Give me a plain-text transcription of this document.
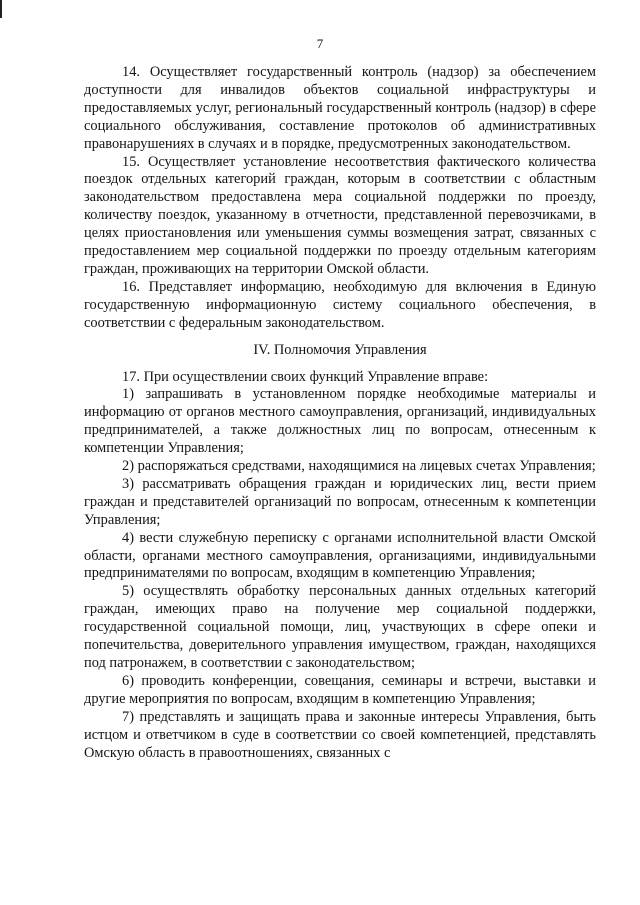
7

14. Осуществляет государственный контроль (надзор) за обеспечением доступности для инвалидов объектов социальной инфраструктуры и предоставляемых услуг, региональный государственный контроль (надзор) в сфере социального обслуживания, составление протоколов об административных правонарушениях в случаях и в порядке, предусмотренных законодательством.

15. Осуществляет установление несоответствия фактического количества поездок отдельных категорий граждан, которым в соответствии с областным законодательством предоставлена мера социальной поддержки по проезду, количеству поездок, указанному в отчетности, представленной перевозчиками, в целях приостановления или уменьшения суммы возмещения затрат, связанных с предоставлением мер социальной поддержки по проезду отдельным категориям граждан, проживающих на территории Омской области.

16. Представляет информацию, необходимую для включения в Единую государственную информационную систему социального обеспечения, в соответствии с федеральным законодательством.

IV. Полномочия Управления

17. При осуществлении своих функций Управление вправе:

1) запрашивать в установленном порядке необходимые материалы и информацию от органов местного самоуправления, организаций, индивидуальных предпринимателей, а также должностных лиц по вопросам, отнесенным к компетенции Управления;

2) распоряжаться средствами, находящимися на лицевых счетах Управления;

3) рассматривать обращения граждан и юридических лиц, вести прием граждан и представителей организаций по вопросам, отнесенным к компетенции Управления;

4) вести служебную переписку с органами исполнительной власти Омской области, органами местного самоуправления, организациями, индивидуальными предпринимателями по вопросам, входящим в компетенцию Управления;

5) осуществлять обработку персональных данных отдельных категорий граждан, имеющих право на получение мер социальной поддержки, государственной социальной помощи, лиц, участвующих в сфере опеки и попечительства, доверительного управления имуществом, граждан, находящихся под патронажем, в соответствии с законодательством;

6) проводить конференции, совещания, семинары и встречи, выставки и другие мероприятия по вопросам, входящим в компетенцию Управления;

7) представлять и защищать права и законные интересы Управления, быть истцом и ответчиком в суде в соответствии со своей компетенцией, представлять Омскую область в правоотношениях, связанных с
